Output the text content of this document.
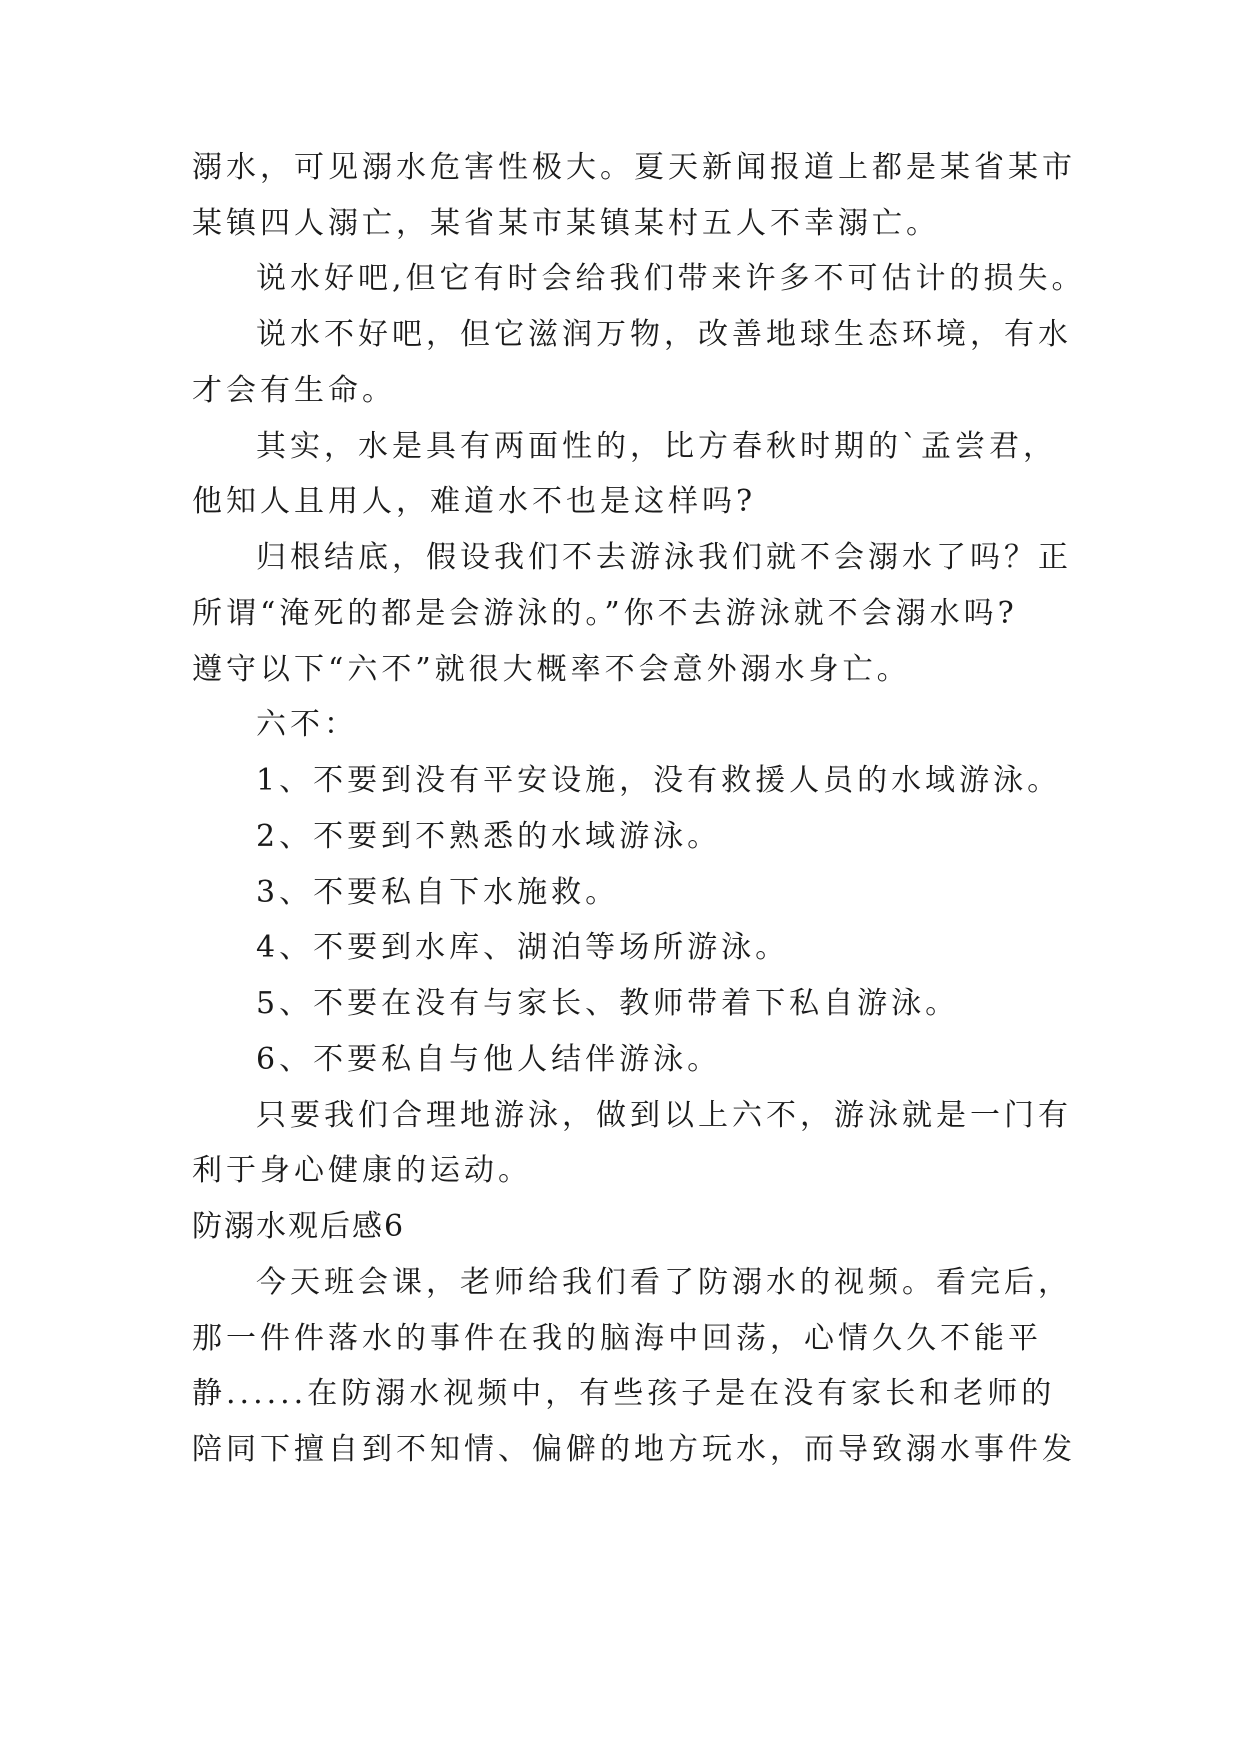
溺水，可见溺水危害性极大。夏天新闻报道上都是某省某市
某镇四人溺亡，某省某市某镇某村五人不幸溺亡。
说水好吧,但它有时会给我们带来许多不可估计的损失。
说水不好吧，但它滋润万物，改善地球生态环境，有水
才会有生命。
其实，水是具有两面性的，比方春秋时期的`孟尝君，
他知人且用人，难道水不也是这样吗?
归根结底，假设我们不去游泳我们就不会溺水了吗？正
所谓“淹死的都是会游泳的。”你不去游泳就不会溺水吗?
遵守以下“六不”就很大概率不会意外溺水身亡。
六不：
1、不要到没有平安设施，没有救援人员的水域游泳。
2、不要到不熟悉的水域游泳。
3、不要私自下水施救。
4、不要到水库、湖泊等场所游泳。
5、不要在没有与家长、教师带着下私自游泳。
6、不要私自与他人结伴游泳。
只要我们合理地游泳，做到以上六不，游泳就是一门有
利于身心健康的运动。
防溺水观后感6
今天班会课，老师给我们看了防溺水的视频。看完后，
那一件件落水的事件在我的脑海中回荡，心情久久不能平
静......在防溺水视频中，有些孩子是在没有家长和老师的
陪同下擅自到不知情、偏僻的地方玩水，而导致溺水事件发
